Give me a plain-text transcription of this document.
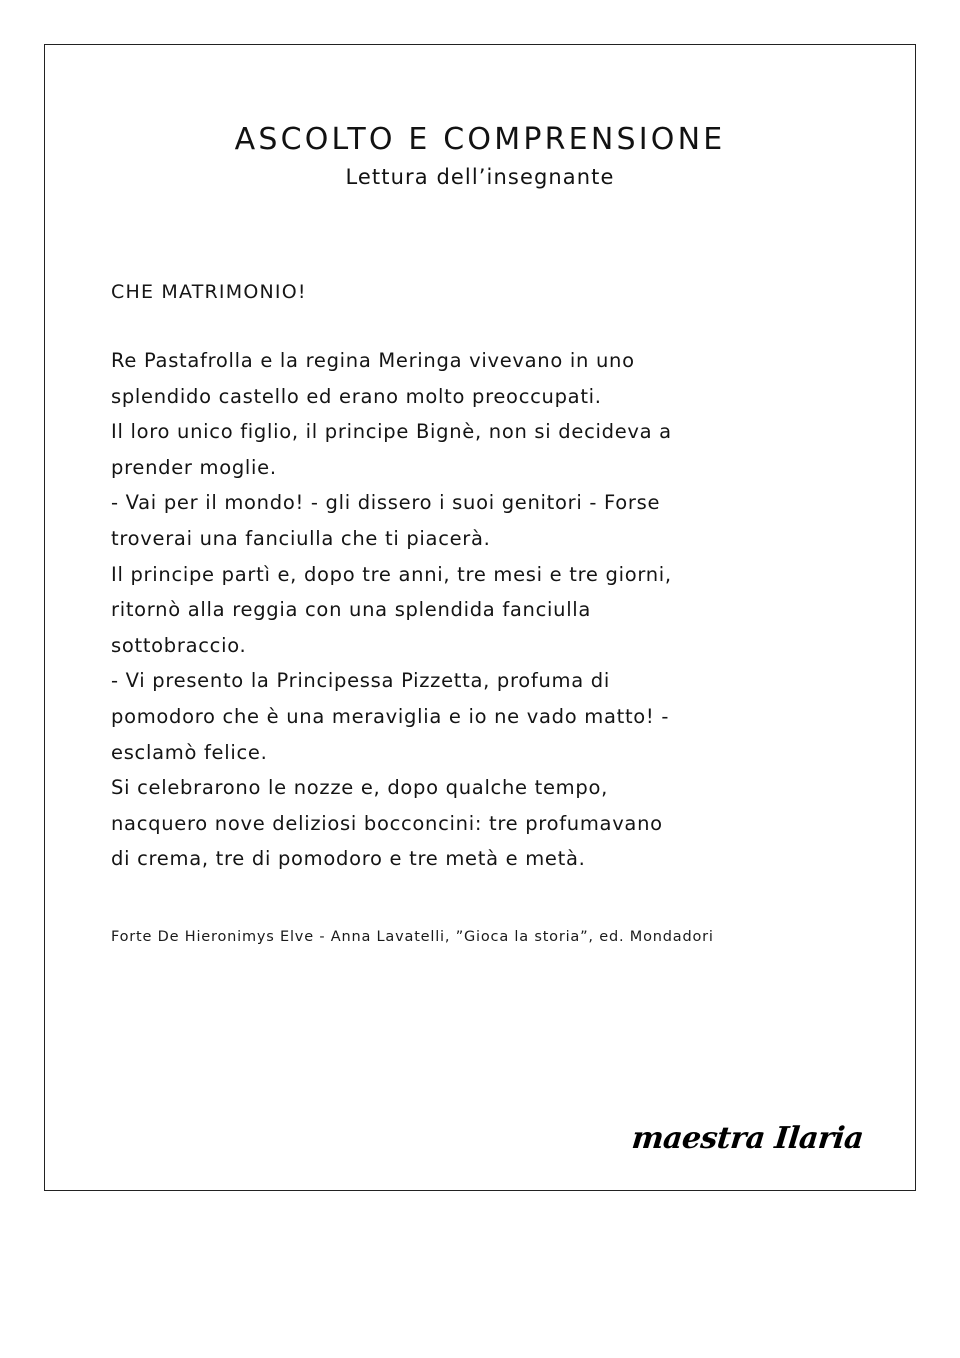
ASCOLTO E COMPRENSIONE
Lettura dell’insegnante
CHE MATRIMONIO!
Re Pastafrolla e la regina Meringa vivevano in uno
splendido castello ed erano molto preoccupati.
Il loro unico figlio, il principe Bignè, non si decideva a
prender moglie.
- Vai per il mondo! - gli dissero i suoi genitori - Forse
troverai una fanciulla che ti piacerà.
Il principe partì e, dopo tre anni, tre mesi e tre giorni,
ritornò alla reggia con una splendida fanciulla
sottobraccio.
- Vi presento la Principessa Pizzetta, profuma di
pomodoro che è una meraviglia e io ne vado matto! -
esclamò felice.
Si celebrarono le nozze e, dopo qualche tempo,
nacquero nove deliziosi bocconcini: tre profumavano
di crema, tre di pomodoro e tre metà e metà.
Forte De Hieronimys Elve - Anna Lavatelli, ”Gioca la storia”, ed. Mondadori
maestra Ilaria
